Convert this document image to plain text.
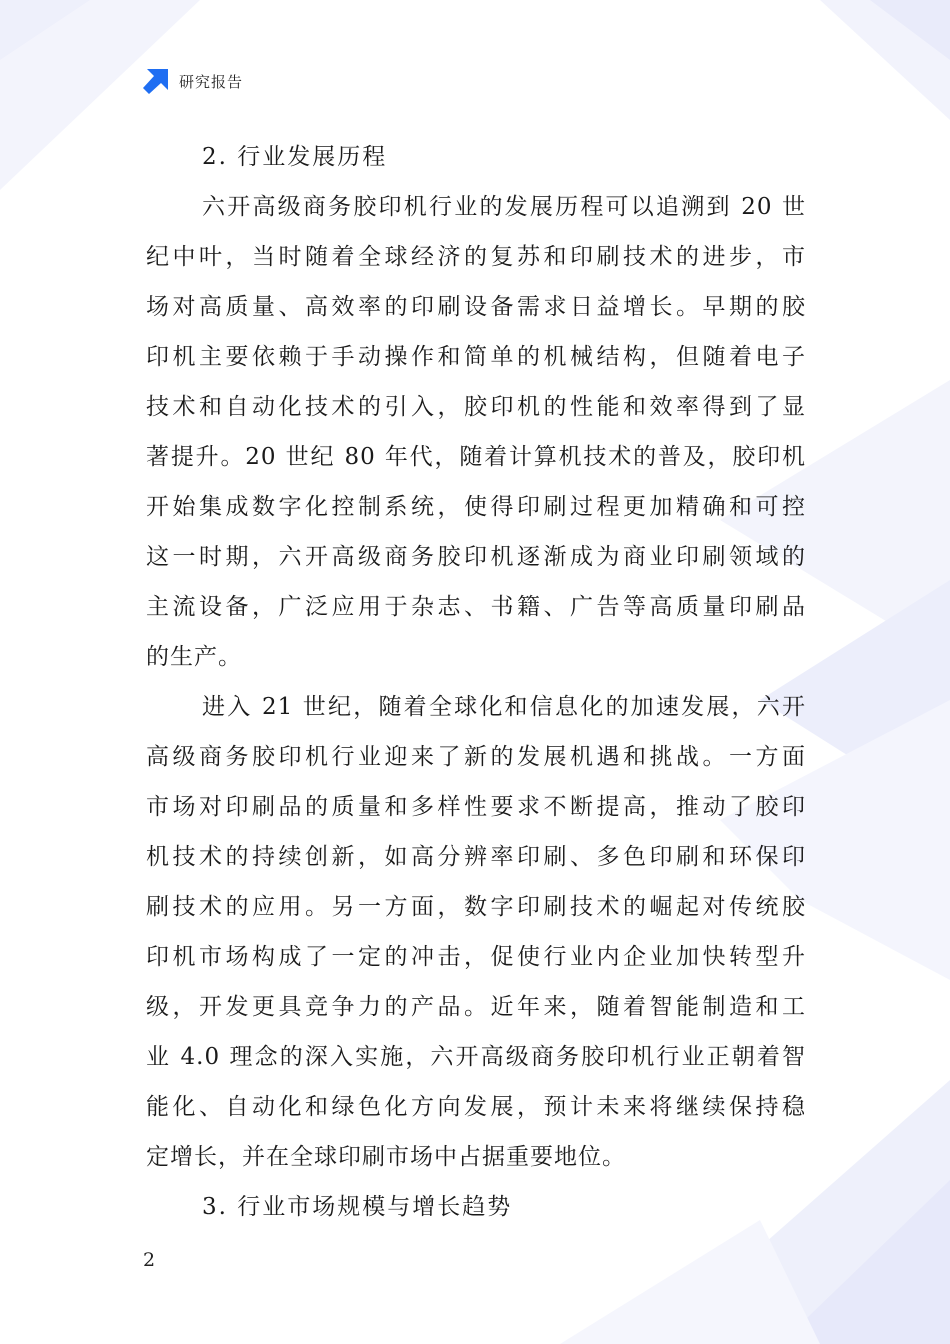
研究报告
2. 行业发展历程
六开高级商务胶印机行业的发展历程可以追溯到 20 世
纪中叶，当时随着全球经济的复苏和印刷技术的进步，市
场对高质量、高效率的印刷设备需求日益增长。早期的胶
印机主要依赖于手动操作和简单的机械结构，但随着电子
技术和自动化技术的引入，胶印机的性能和效率得到了显
著提升。20 世纪 80 年代，随着计算机技术的普及，胶印机
开始集成数字化控制系统，使得印刷过程更加精确和可控
这一时期，六开高级商务胶印机逐渐成为商业印刷领域的
主流设备，广泛应用于杂志、书籍、广告等高质量印刷品
的生产。
进入 21 世纪，随着全球化和信息化的加速发展，六开
高级商务胶印机行业迎来了新的发展机遇和挑战。一方面
市场对印刷品的质量和多样性要求不断提高，推动了胶印
机技术的持续创新，如高分辨率印刷、多色印刷和环保印
刷技术的应用。另一方面，数字印刷技术的崛起对传统胶
印机市场构成了一定的冲击，促使行业内企业加快转型升
级，开发更具竞争力的产品。近年来，随着智能制造和工
业 4.0 理念的深入实施，六开高级商务胶印机行业正朝着智
能化、自动化和绿色化方向发展，预计未来将继续保持稳
定增长，并在全球印刷市场中占据重要地位。
3. 行业市场规模与增长趋势
2
